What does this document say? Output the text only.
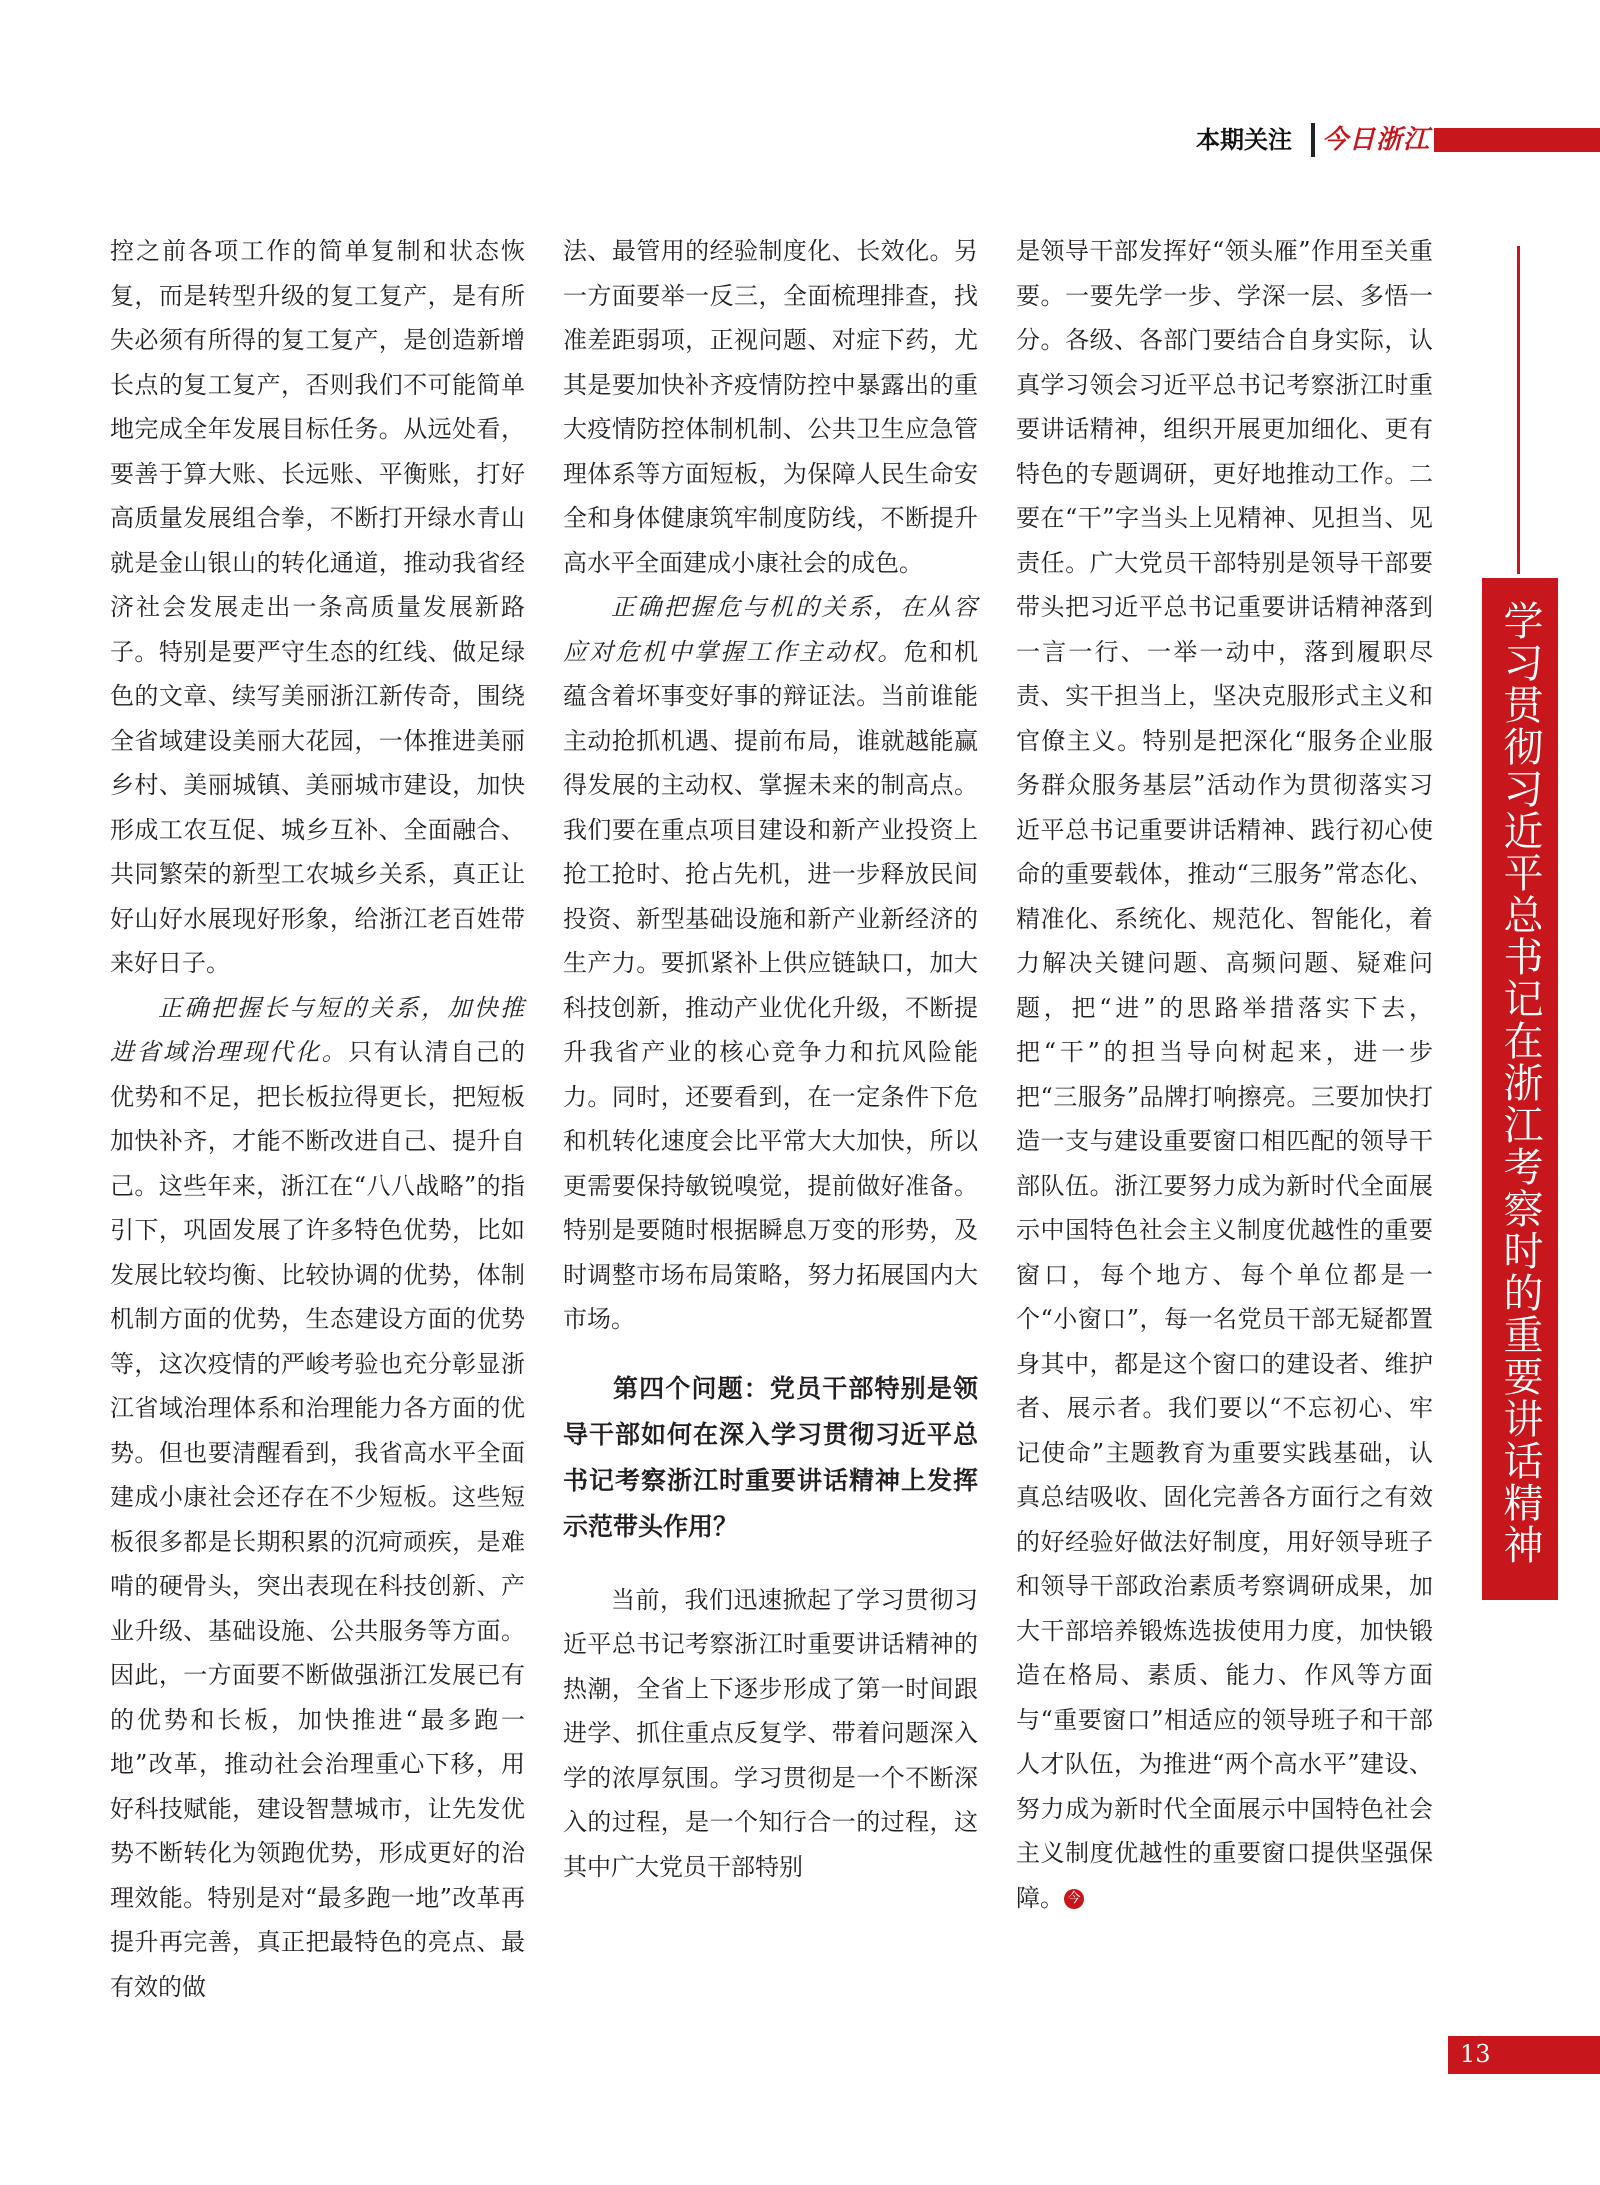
本期关注 今日浙江

控之前各项工作的简单复制和状态恢复，而是转型升级的复工复产，是有所失必须有所得的复工复产，是创造新增长点的复工复产，否则我们不可能简单地完成全年发展目标任务。从远处看，要善于算大账、长远账、平衡账，打好高质量发展组合拳，不断打开绿水青山就是金山银山的转化通道，推动我省经济社会发展走出一条高质量发展新路子。特别是要严守生态的红线、做足绿色的文章、续写美丽浙江新传奇，围绕全省域建设美丽大花园，一体推进美丽乡村、美丽城镇、美丽城市建设，加快形成工农互促、城乡互补、全面融合、共同繁荣的新型工农城乡关系，真正让好山好水展现好形象，给浙江老百姓带来好日子。

正确把握长与短的关系，加快推进省域治理现代化。只有认清自己的优势和不足，把长板拉得更长，把短板加快补齐，才能不断改进自己、提升自己。这些年来，浙江在“八八战略”的指引下，巩固发展了许多特色优势，比如发展比较均衡、比较协调的优势，体制机制方面的优势，生态建设方面的优势等，这次疫情的严峻考验也充分彰显浙江省域治理体系和治理能力各方面的优势。但也要清醒看到，我省高水平全面建成小康社会还存在不少短板。这些短板很多都是长期积累的沉疴顽疾，是难啃的硬骨头，突出表现在科技创新、产业升级、基础设施、公共服务等方面。因此，一方面要不断做强浙江发展已有的优势和长板，加快推进“最多跑一地”改革，推动社会治理重心下移，用好科技赋能，建设智慧城市，让先发优势不断转化为领跑优势，形成更好的治理效能。特别是对“最多跑一地”改革再提升再完善，真正把最特色的亮点、最有效的做

法、最管用的经验制度化、长效化。另一方面要举一反三，全面梳理排查，找准差距弱项，正视问题、对症下药，尤其是要加快补齐疫情防控中暴露出的重大疫情防控体制机制、公共卫生应急管理体系等方面短板，为保障人民生命安全和身体健康筑牢制度防线，不断提升高水平全面建成小康社会的成色。

正确把握危与机的关系，在从容应对危机中掌握工作主动权。危和机蕴含着坏事变好事的辩证法。当前谁能主动抢抓机遇、提前布局，谁就越能赢得发展的主动权、掌握未来的制高点。我们要在重点项目建设和新产业投资上抢工抢时、抢占先机，进一步释放民间投资、新型基础设施和新产业新经济的生产力。要抓紧补上供应链缺口，加大科技创新，推动产业优化升级，不断提升我省产业的核心竞争力和抗风险能力。同时，还要看到，在一定条件下危和机转化速度会比平常大大加快，所以更需要保持敏锐嗅觉，提前做好准备。特别是要随时根据瞬息万变的形势，及时调整市场布局策略，努力拓展国内大市场。

第四个问题：党员干部特别是领导干部如何在深入学习贯彻习近平总书记考察浙江时重要讲话精神上发挥示范带头作用？

当前，我们迅速掀起了学习贯彻习近平总书记考察浙江时重要讲话精神的热潮，全省上下逐步形成了第一时间跟进学、抓住重点反复学、带着问题深入学的浓厚氛围。学习贯彻是一个不断深入的过程，是一个知行合一的过程，这其中广大党员干部特别

是领导干部发挥好“领头雁”作用至关重要。一要先学一步、学深一层、多悟一分。各级、各部门要结合自身实际，认真学习领会习近平总书记考察浙江时重要讲话精神，组织开展更加细化、更有特色的专题调研，更好地推动工作。二要在“干”字当头上见精神、见担当、见责任。广大党员干部特别是领导干部要带头把习近平总书记重要讲话精神落到一言一行、一举一动中，落到履职尽责、实干担当上，坚决克服形式主义和官僚主义。特别是把深化“服务企业服务群众服务基层”活动作为贯彻落实习近平总书记重要讲话精神、践行初心使命的重要载体，推动“三服务”常态化、精准化、系统化、规范化、智能化，着力解决关键问题、高频问题、疑难问题，把“进”的思路举措落实下去，把“干”的担当导向树起来，进一步把“三服务”品牌打响擦亮。三要加快打造一支与建设重要窗口相匹配的领导干部队伍。浙江要努力成为新时代全面展示中国特色社会主义制度优越性的重要窗口，每个地方、每个单位都是一个“小窗口”，每一名党员干部无疑都置身其中，都是这个窗口的建设者、维护者、展示者。我们要以“不忘初心、牢记使命”主题教育为重要实践基础，认真总结吸收、固化完善各方面行之有效的好经验好做法好制度，用好领导班子和领导干部政治素质考察调研成果，加大干部培养锻炼选拔使用力度，加快锻造在格局、素质、能力、作风等方面与“重要窗口”相适应的领导班子和干部人才队伍，为推进“两个高水平”建设、努力成为新时代全面展示中国特色社会主义制度优越性的重要窗口提供坚强保障。 今

学习贯彻习近平总书记在浙江考察时的重要讲话精神
13
